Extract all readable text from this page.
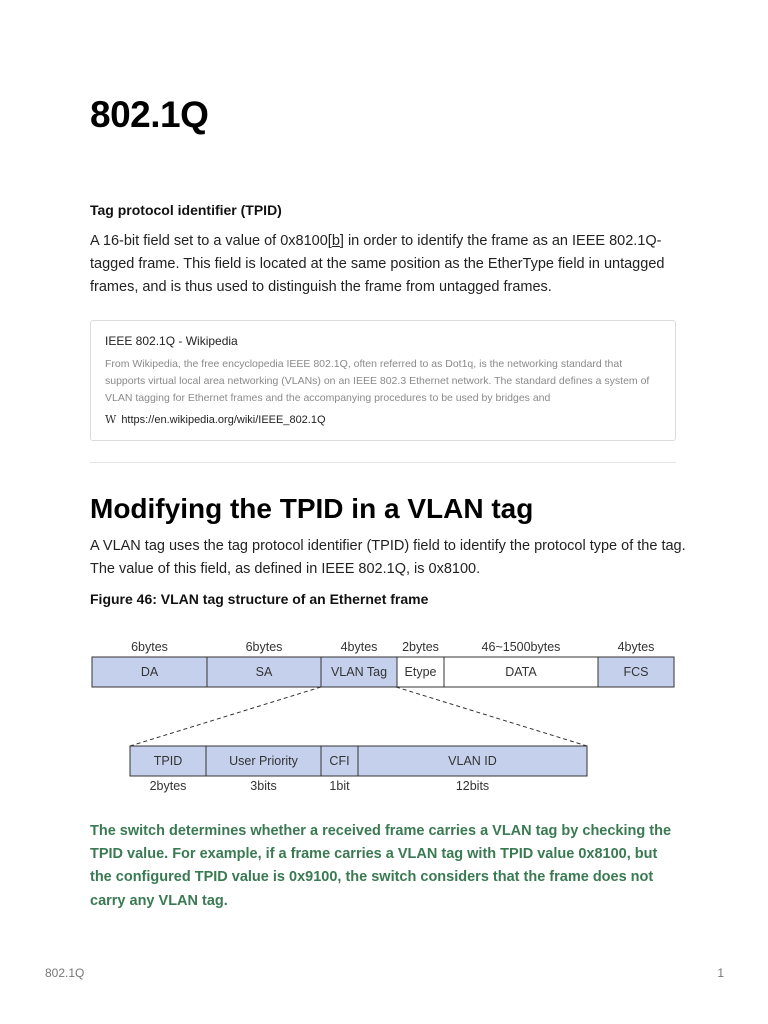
802.1Q
Tag protocol identifier (TPID)
A 16-bit field set to a value of 0x8100[b] in order to identify the frame as an IEEE 802.1Q-tagged frame. This field is located at the same position as the EtherType field in untagged frames, and is thus used to distinguish the frame from untagged frames.
IEEE 802.1Q - Wikipedia
From Wikipedia, the free encyclopedia IEEE 802.1Q, often referred to as Dot1q, is the networking standard that supports virtual local area networking (VLANs) on an IEEE 802.3 Ethernet network. The standard defines a system of VLAN tagging for Ethernet frames and the accompanying procedures to be used by bridges and
W https://en.wikipedia.org/wiki/IEEE_802.1Q
Modifying the TPID in a VLAN tag
A VLAN tag uses the tag protocol identifier (TPID) field to identify the protocol type of the tag. The value of this field, as defined in IEEE 802.1Q, is 0x8100.
Figure 46: VLAN tag structure of an Ethernet frame
6bytes
DA
6bytes
SA
4bytes
VLAN Tag
2bytes
Etype
46~1500bytes
DATA
4bytes
FCS
TPID
2bytes
User Priority
3bits
CFI
1bit
VLAN ID
12bits
The switch determines whether a received frame carries a VLAN tag by checking the TPID value. For example, if a frame carries a VLAN tag with TPID value 0x8100, but the configured TPID value is 0x9100, the switch considers that the frame does not carry any VLAN tag.
802.1Q	1
